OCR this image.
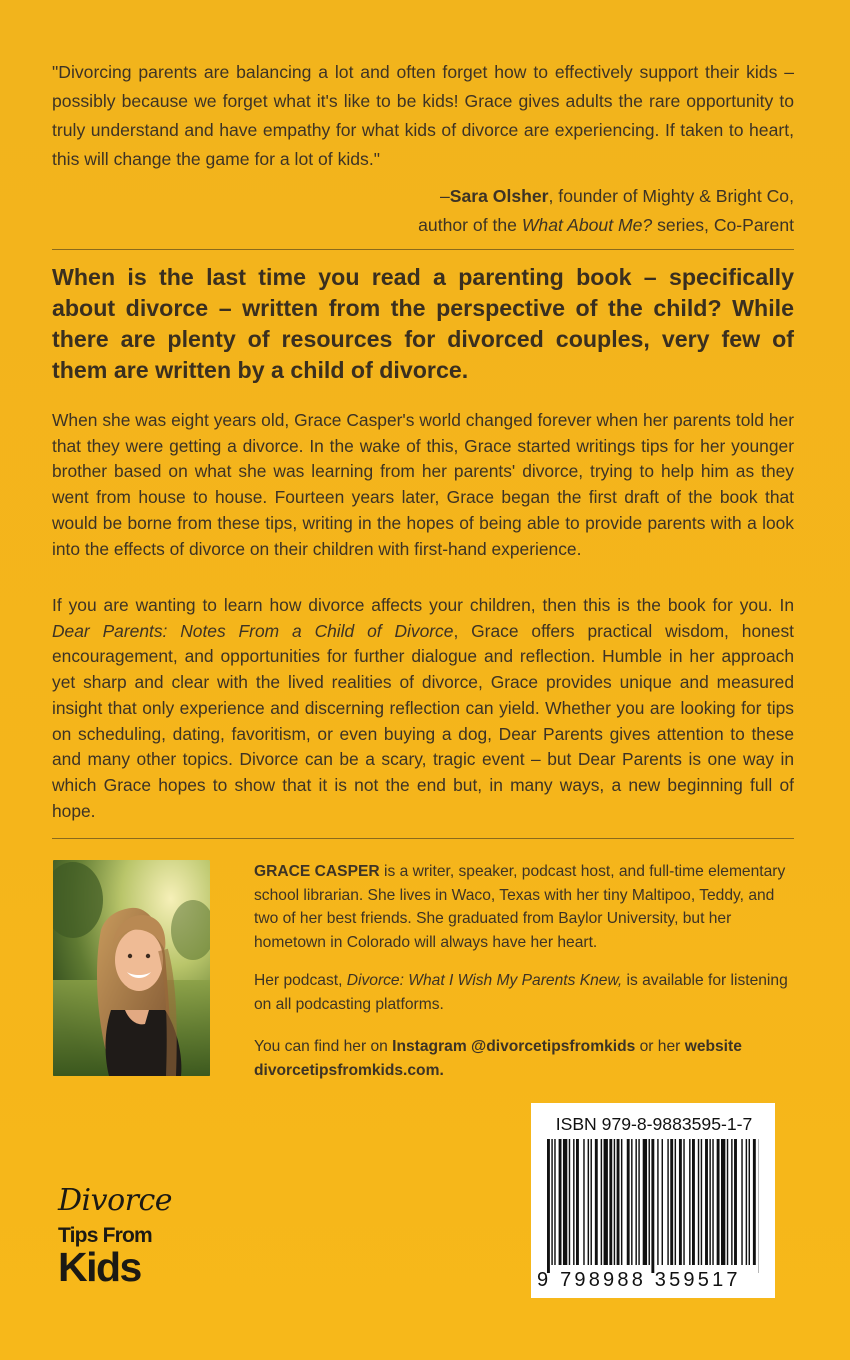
"Divorcing parents are balancing a lot and often forget how to effectively support their kids – possibly because we forget what it's like to be kids! Grace gives adults the rare opportunity to truly understand and have empathy for what kids of divorce are experiencing. If taken to heart, this will change the game for a lot of kids."

–Sara Olsher, founder of Mighty & Bright Co,
author of the What About Me? series, Co-Parent

When is the last time you read a parenting book – specifically about divorce – written from the perspective of the child? While there are plenty of resources for divorced couples, very few of them are written by a child of divorce.

When she was eight years old, Grace Casper's world changed forever when her parents told her that they were getting a divorce. In the wake of this, Grace started writings tips for her younger brother based on what she was learning from her parents' divorce, trying to help him as they went from house to house. Fourteen years later, Grace began the first draft of the book that would be borne from these tips, writing in the hopes of being able to provide parents with a look into the effects of divorce on their children with first-hand experience.

If you are wanting to learn how divorce affects your children, then this is the book for you. In Dear Parents: Notes From a Child of Divorce, Grace offers practical wisdom, honest encouragement, and opportunities for further dialogue and reflection. Humble in her approach yet sharp and clear with the lived realities of divorce, Grace provides unique and measured insight that only experience and discerning reflection can yield. Whether you are looking for tips on scheduling, dating, favoritism, or even buying a dog, Dear Parents gives attention to these and many other topics. Divorce can be a scary, tragic event – but Dear Parents is one way in which Grace hopes to show that it is not the end but, in many ways, a new beginning full of hope.

GRACE CASPER is a writer, speaker, podcast host, and full-time elementary school librarian. She lives in Waco, Texas with her tiny Maltipoo, Teddy, and two of her best friends. She graduated from Baylor University, but her hometown in Colorado will always have her heart.

Her podcast, Divorce: What I Wish My Parents Knew, is available for listening on all podcasting platforms.

You can find her on Instagram @divorcetipsfromkids or her website
divorcetipsfromkids.com.

Divorce
Tips From
Kids
ISBN 979-8-9883595-1-7
9 798988 359517
